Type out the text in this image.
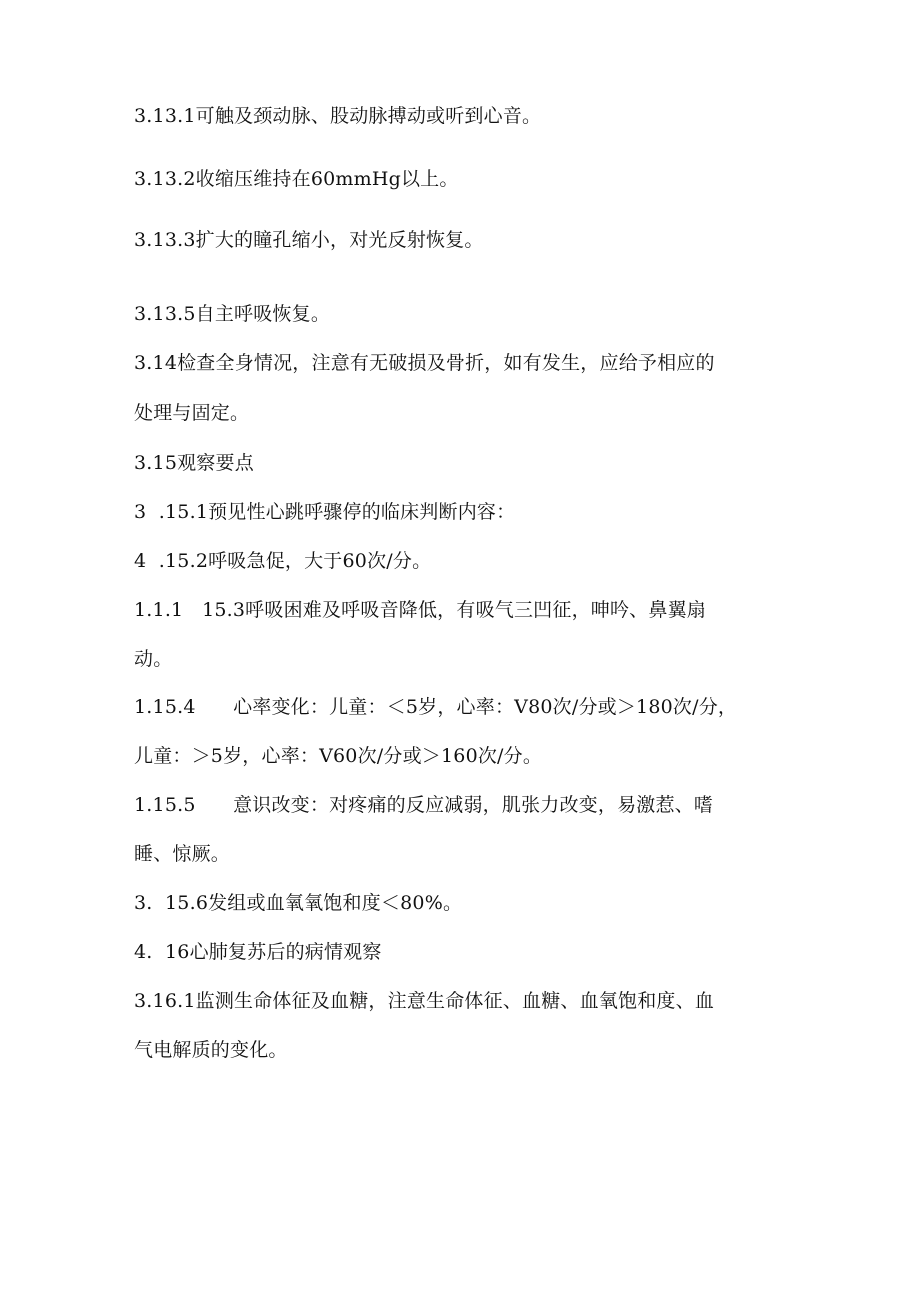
3.13.1可触及颈动脉、股动脉搏动或听到心音。
3.13.2收缩压维持在60mmHg以上。
3.13.3扩大的瞳孔缩小，对光反射恢复。
3.13.5自主呼吸恢复。
3.14检查全身情况，注意有无破损及骨折，如有发生，应给予相应的
处理与固定。
3.15观察要点
3  .15.1预见性心跳呼骤停的临床判断内容：
4  .15.2呼吸急促，大于60次/分。
1.1.1   15.3呼吸困难及呼吸音降低，有吸气三凹征，呻吟、鼻翼扇
动。
1.15.4      心率变化：儿童：＜5岁，心率：V80次/分或＞180次/分，
儿童：＞5岁，心率：V60次/分或＞160次/分。
1.15.5      意识改变：对疼痛的反应减弱，肌张力改变，易激惹、嗜
睡、惊厥。
3.  15.6发组或血氧氧饱和度＜80%。
4.  16心肺复苏后的病情观察
3.16.1监测生命体征及血糖，注意生命体征、血糖、血氧饱和度、血
气电解质的变化。
